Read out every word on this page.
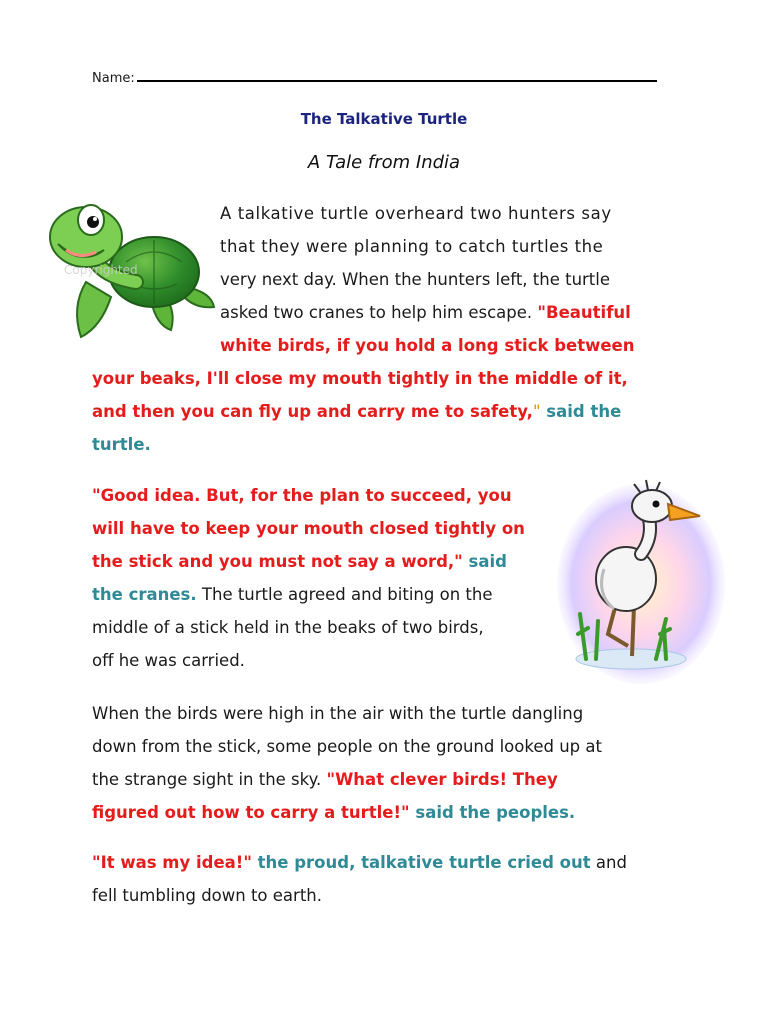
Name:
The Talkative Turtle
A Tale from India
Copyrighted
A talkative turtle overheard two hunters say
that they were planning to catch turtles the
very next day. When the hunters left, the turtle
asked two cranes to help him escape. "Beautiful
white birds, if you hold a long stick between
your beaks, I'll close my mouth tightly in the middle of it,
and then you can fly up and carry me to safety," said the
turtle.
"Good idea. But, for the plan to succeed, you
will have to keep your mouth closed tightly on
the stick and you must not say a word," said
the cranes. The turtle agreed and biting on the
middle of a stick held in the beaks of two birds,
off he was carried.
When the birds were high in the air with the turtle dangling
down from the stick, some people on the ground looked up at
the strange sight in the sky. "What clever birds! They
figured out how to carry a turtle!" said the peoples.
"It was my idea!" the proud, talkative turtle cried out and
fell tumbling down to earth.
